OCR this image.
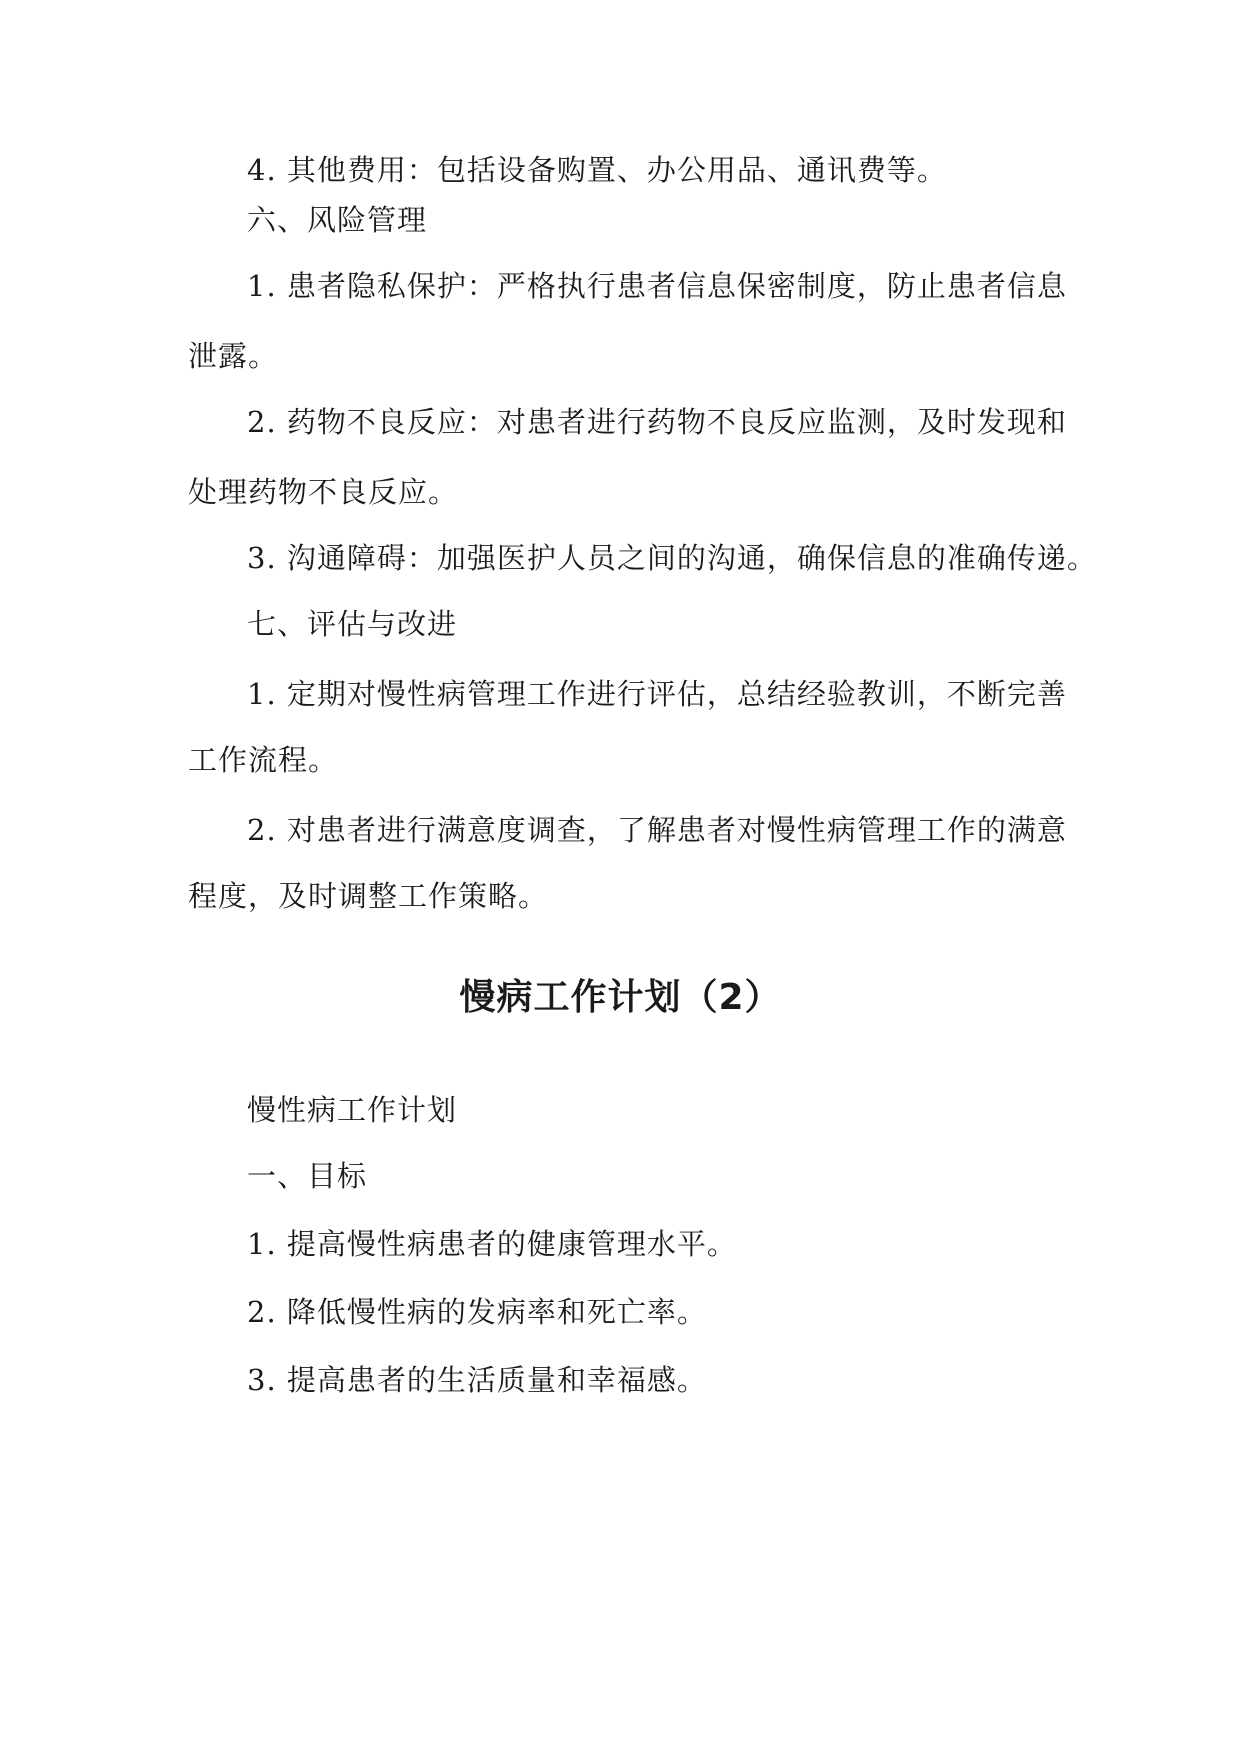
4. 其他费用：包括设备购置、办公用品、通讯费等。
六、风险管理
1. 患者隐私保护：严格执行患者信息保密制度，防止患者信息
泄露。
2. 药物不良反应：对患者进行药物不良反应监测，及时发现和
处理药物不良反应。
3. 沟通障碍：加强医护人员之间的沟通，确保信息的准确传递。
七、评估与改进
1. 定期对慢性病管理工作进行评估，总结经验教训，不断完善
工作流程。
2. 对患者进行满意度调查，了解患者对慢性病管理工作的满意
程度，及时调整工作策略。
慢病工作计划（2）
慢性病工作计划
一、目标
1. 提高慢性病患者的健康管理水平。
2. 降低慢性病的发病率和死亡率。
3. 提高患者的生活质量和幸福感。
